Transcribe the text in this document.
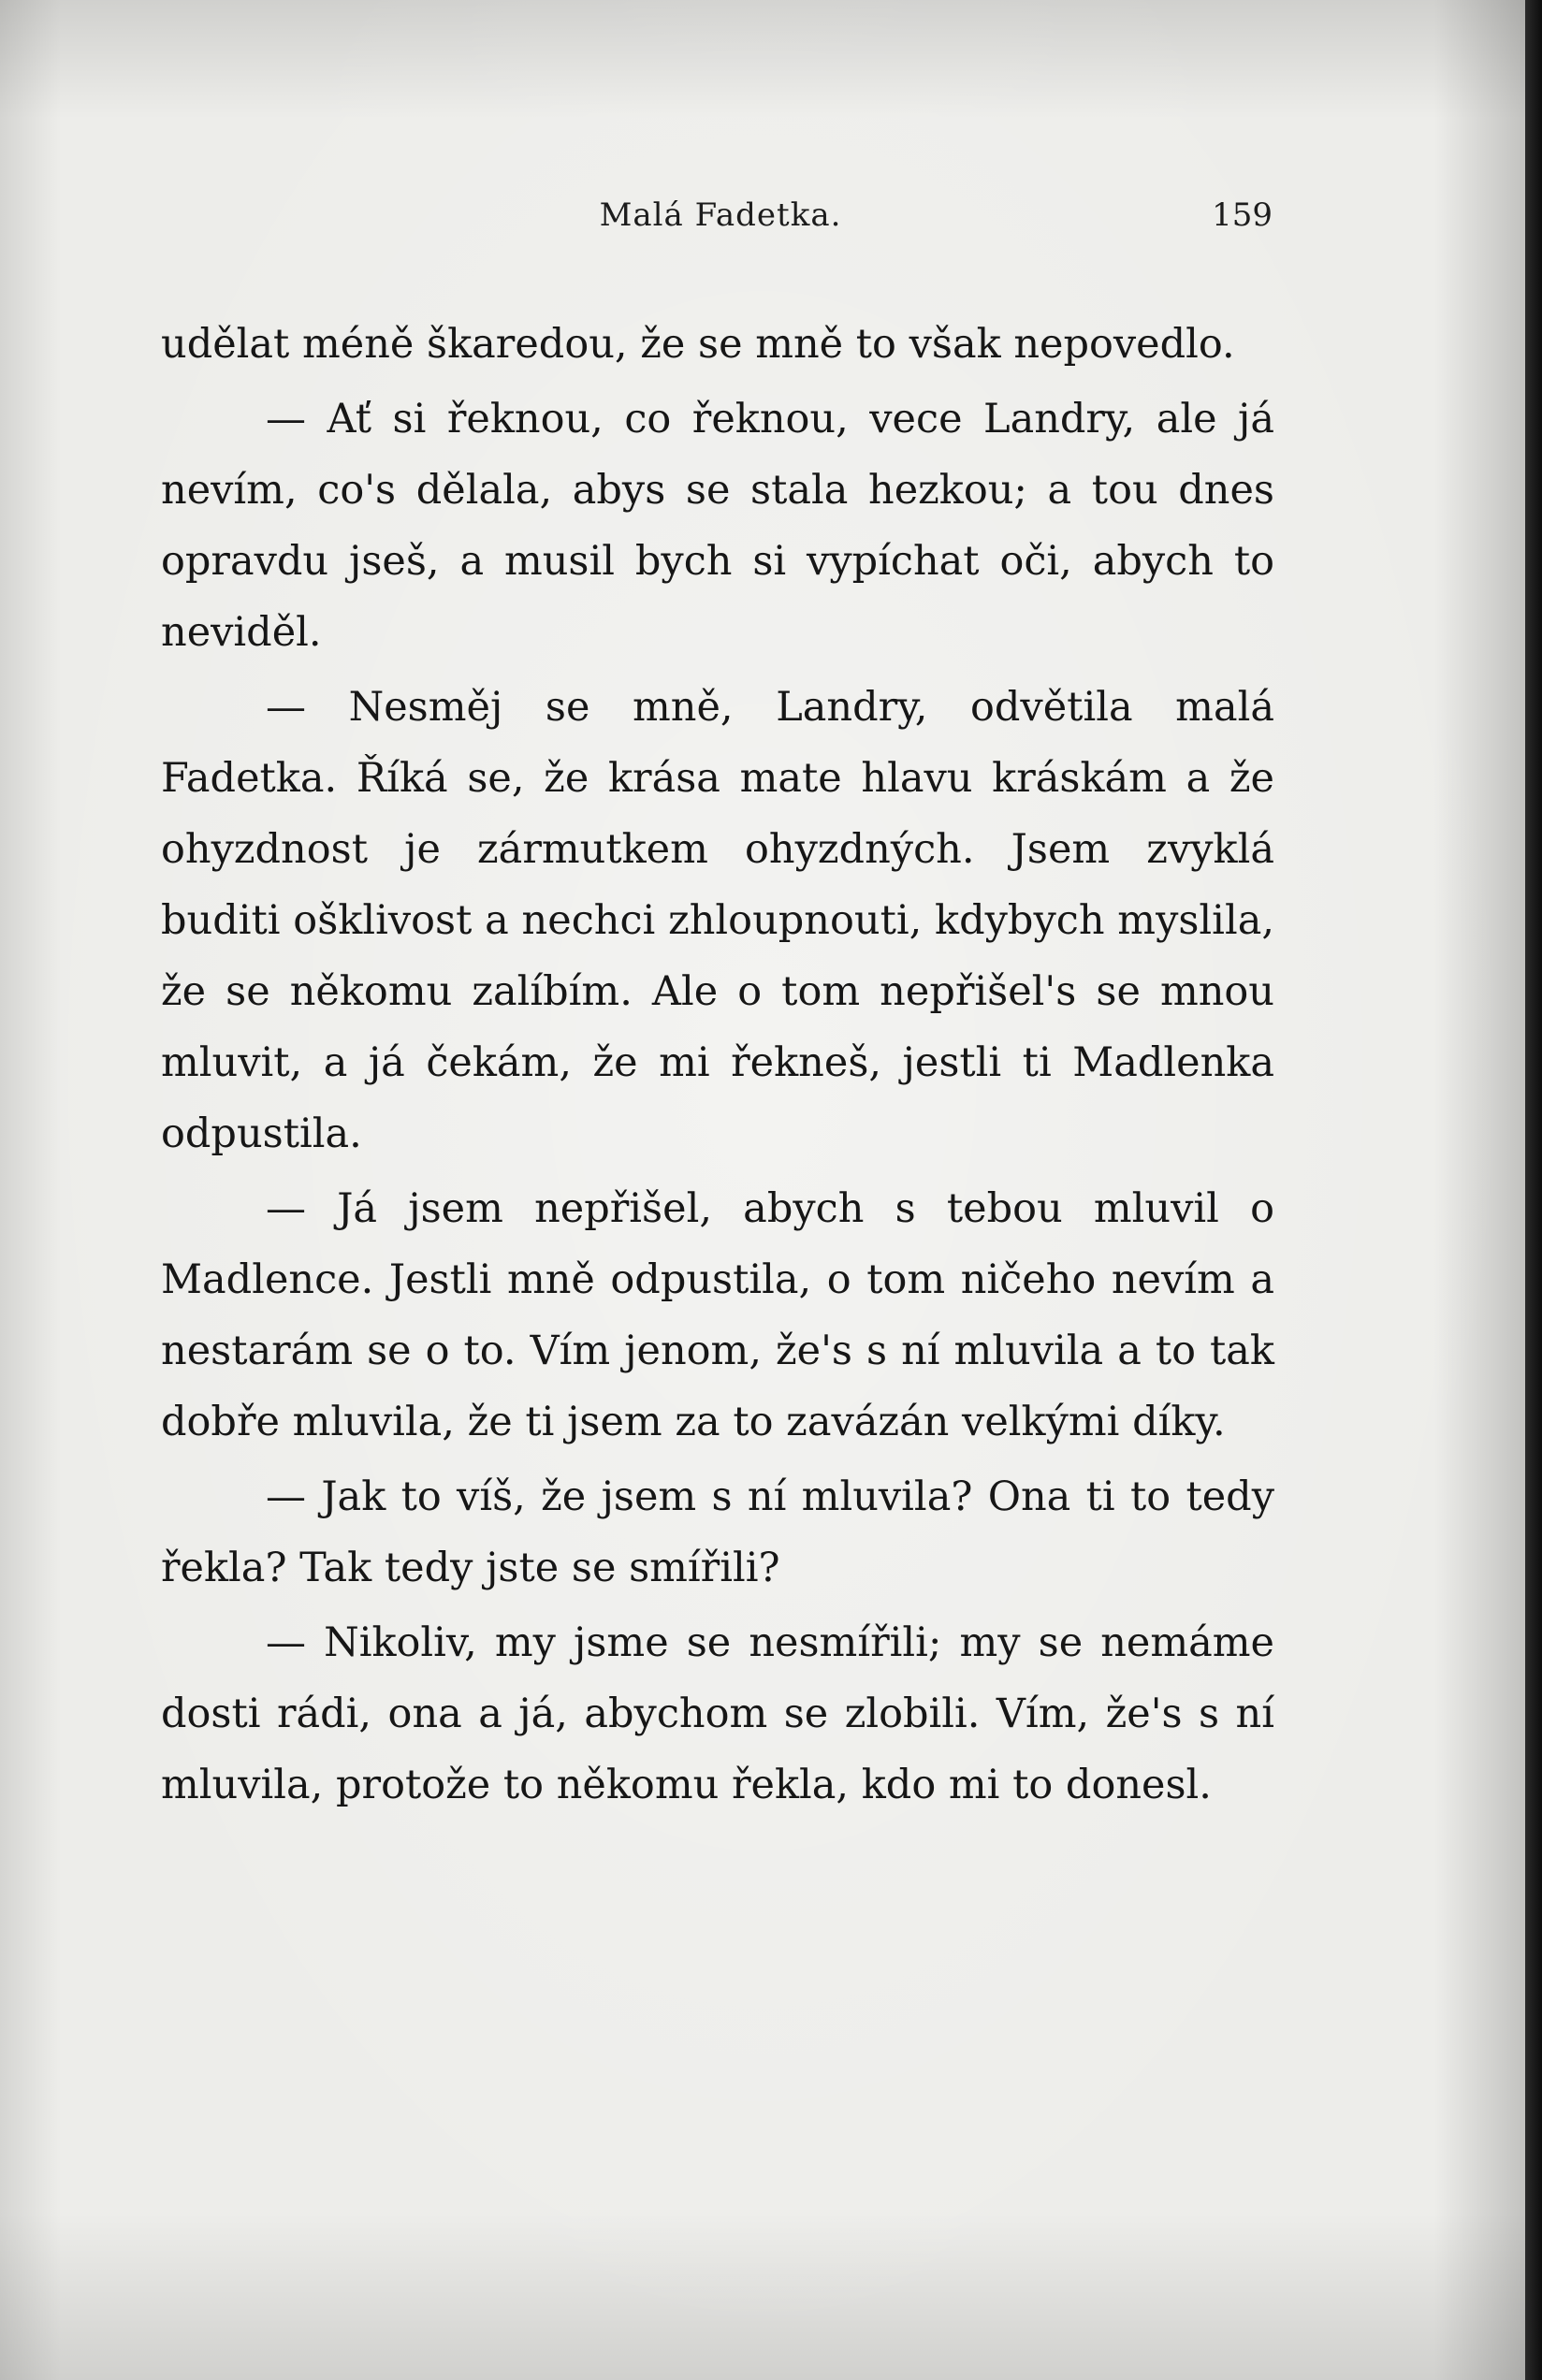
Malá Fadetka.	159

udělat méně škaredou, že se mně to však nepovedlo.

— Ať si řeknou, co řeknou, vece Landry, ale já nevím, co's dělala, abys se stala hezkou; a tou dnes opravdu jseš, a musil bych si vypíchat oči, abych to neviděl.

— Nesměj se mně, Landry, odvětila malá Fadetka. Říká se, že krása mate hlavu kráskám a že ohyzdnost je zármutkem ohyzdných. Jsem zvyklá buditi ošklivost a nechci zhloupnouti, kdybych myslila, že se někomu zalíbím. Ale o tom nepřišel's se mnou mluvit, a já čekám, že mi řekneš, jestli ti Madlenka odpustila.

— Já jsem nepřišel, abych s tebou mluvil o Madlence. Jestli mně odpustila, o tom ničeho nevím a nestarám se o to. Vím jenom, že's s ní mluvila a to tak dobře mluvila, že ti jsem za to zavázán velkými díky.

— Jak to víš, že jsem s ní mluvila? Ona ti to tedy řekla? Tak tedy jste se smířili?

— Nikoliv, my jsme se nesmířili; my se nemáme dosti rádi, ona a já, abychom se zlobili. Vím, že's s ní mluvila, protože to někomu řekla, kdo mi to donesl.
